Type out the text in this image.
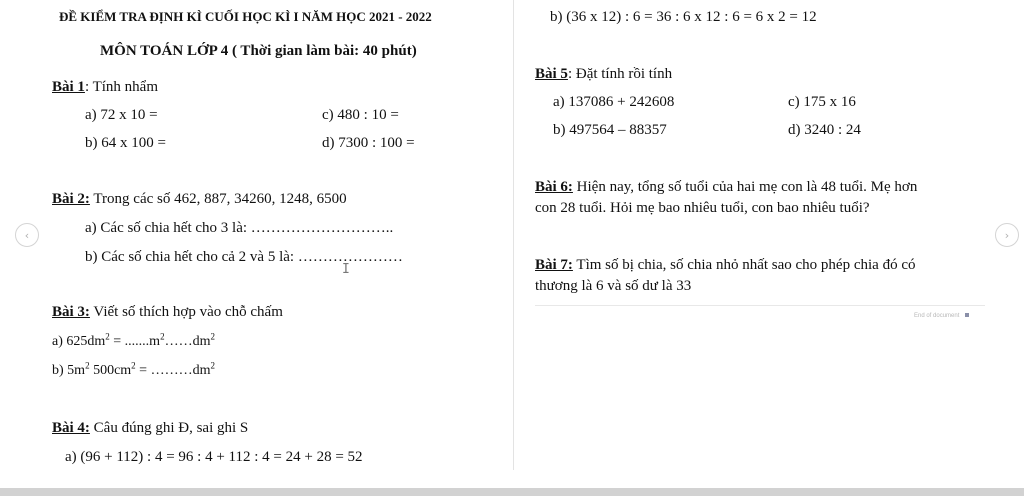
ĐỀ KIỂM TRA ĐỊNH KÌ CUỐI HỌC KÌ I NĂM HỌC 2021 - 2022
MÔN TOÁN LỚP 4 ( Thời gian làm bài: 40 phút)
Bài 1: Tính nhẩm
a) 72 x 10 =
b) 64 x 100 =
c) 480 : 10 =
d) 7300 : 100 =
Bài 2: Trong các số 462, 887, 34260, 1248, 6500
a) Các số chia hết cho 3 là: ………………………..
b) Các số chia hết cho cả 2 và 5 là: …………………
I
Bài 3: Viết số thích hợp vào chỗ chấm
a) $625dm^2$ = $.......m^2\dots\dots dm^2$
b) $5m^2$ $500cm^2$ = $\dots\dots\dots dm^2$
Bài 4: Câu đúng ghi Đ, sai ghi S
a) (96 + 112) : 4 = 96 : 4 + 112 : 4 = 24 + 28 = 52
b) (36 x 12) : 6 = 36 : 6 x 12 : 6 = 6 x 2 = 12
Bài 5: Đặt tính rồi tính
a) 137086 + 242608
b) 497564 – 88357
c) 175 x 16
d) 3240 : 24
Bài 6: Hiện nay, tổng số tuổi của hai mẹ con là 48 tuổi. Mẹ hơn
con 28 tuổi. Hỏi mẹ bao nhiêu tuổi, con bao nhiêu tuổi?
Bài 7: Tìm số bị chia, số chia nhỏ nhất sao cho phép chia đó có
thương là 6 và số dư là 33
End of document
‹	›
